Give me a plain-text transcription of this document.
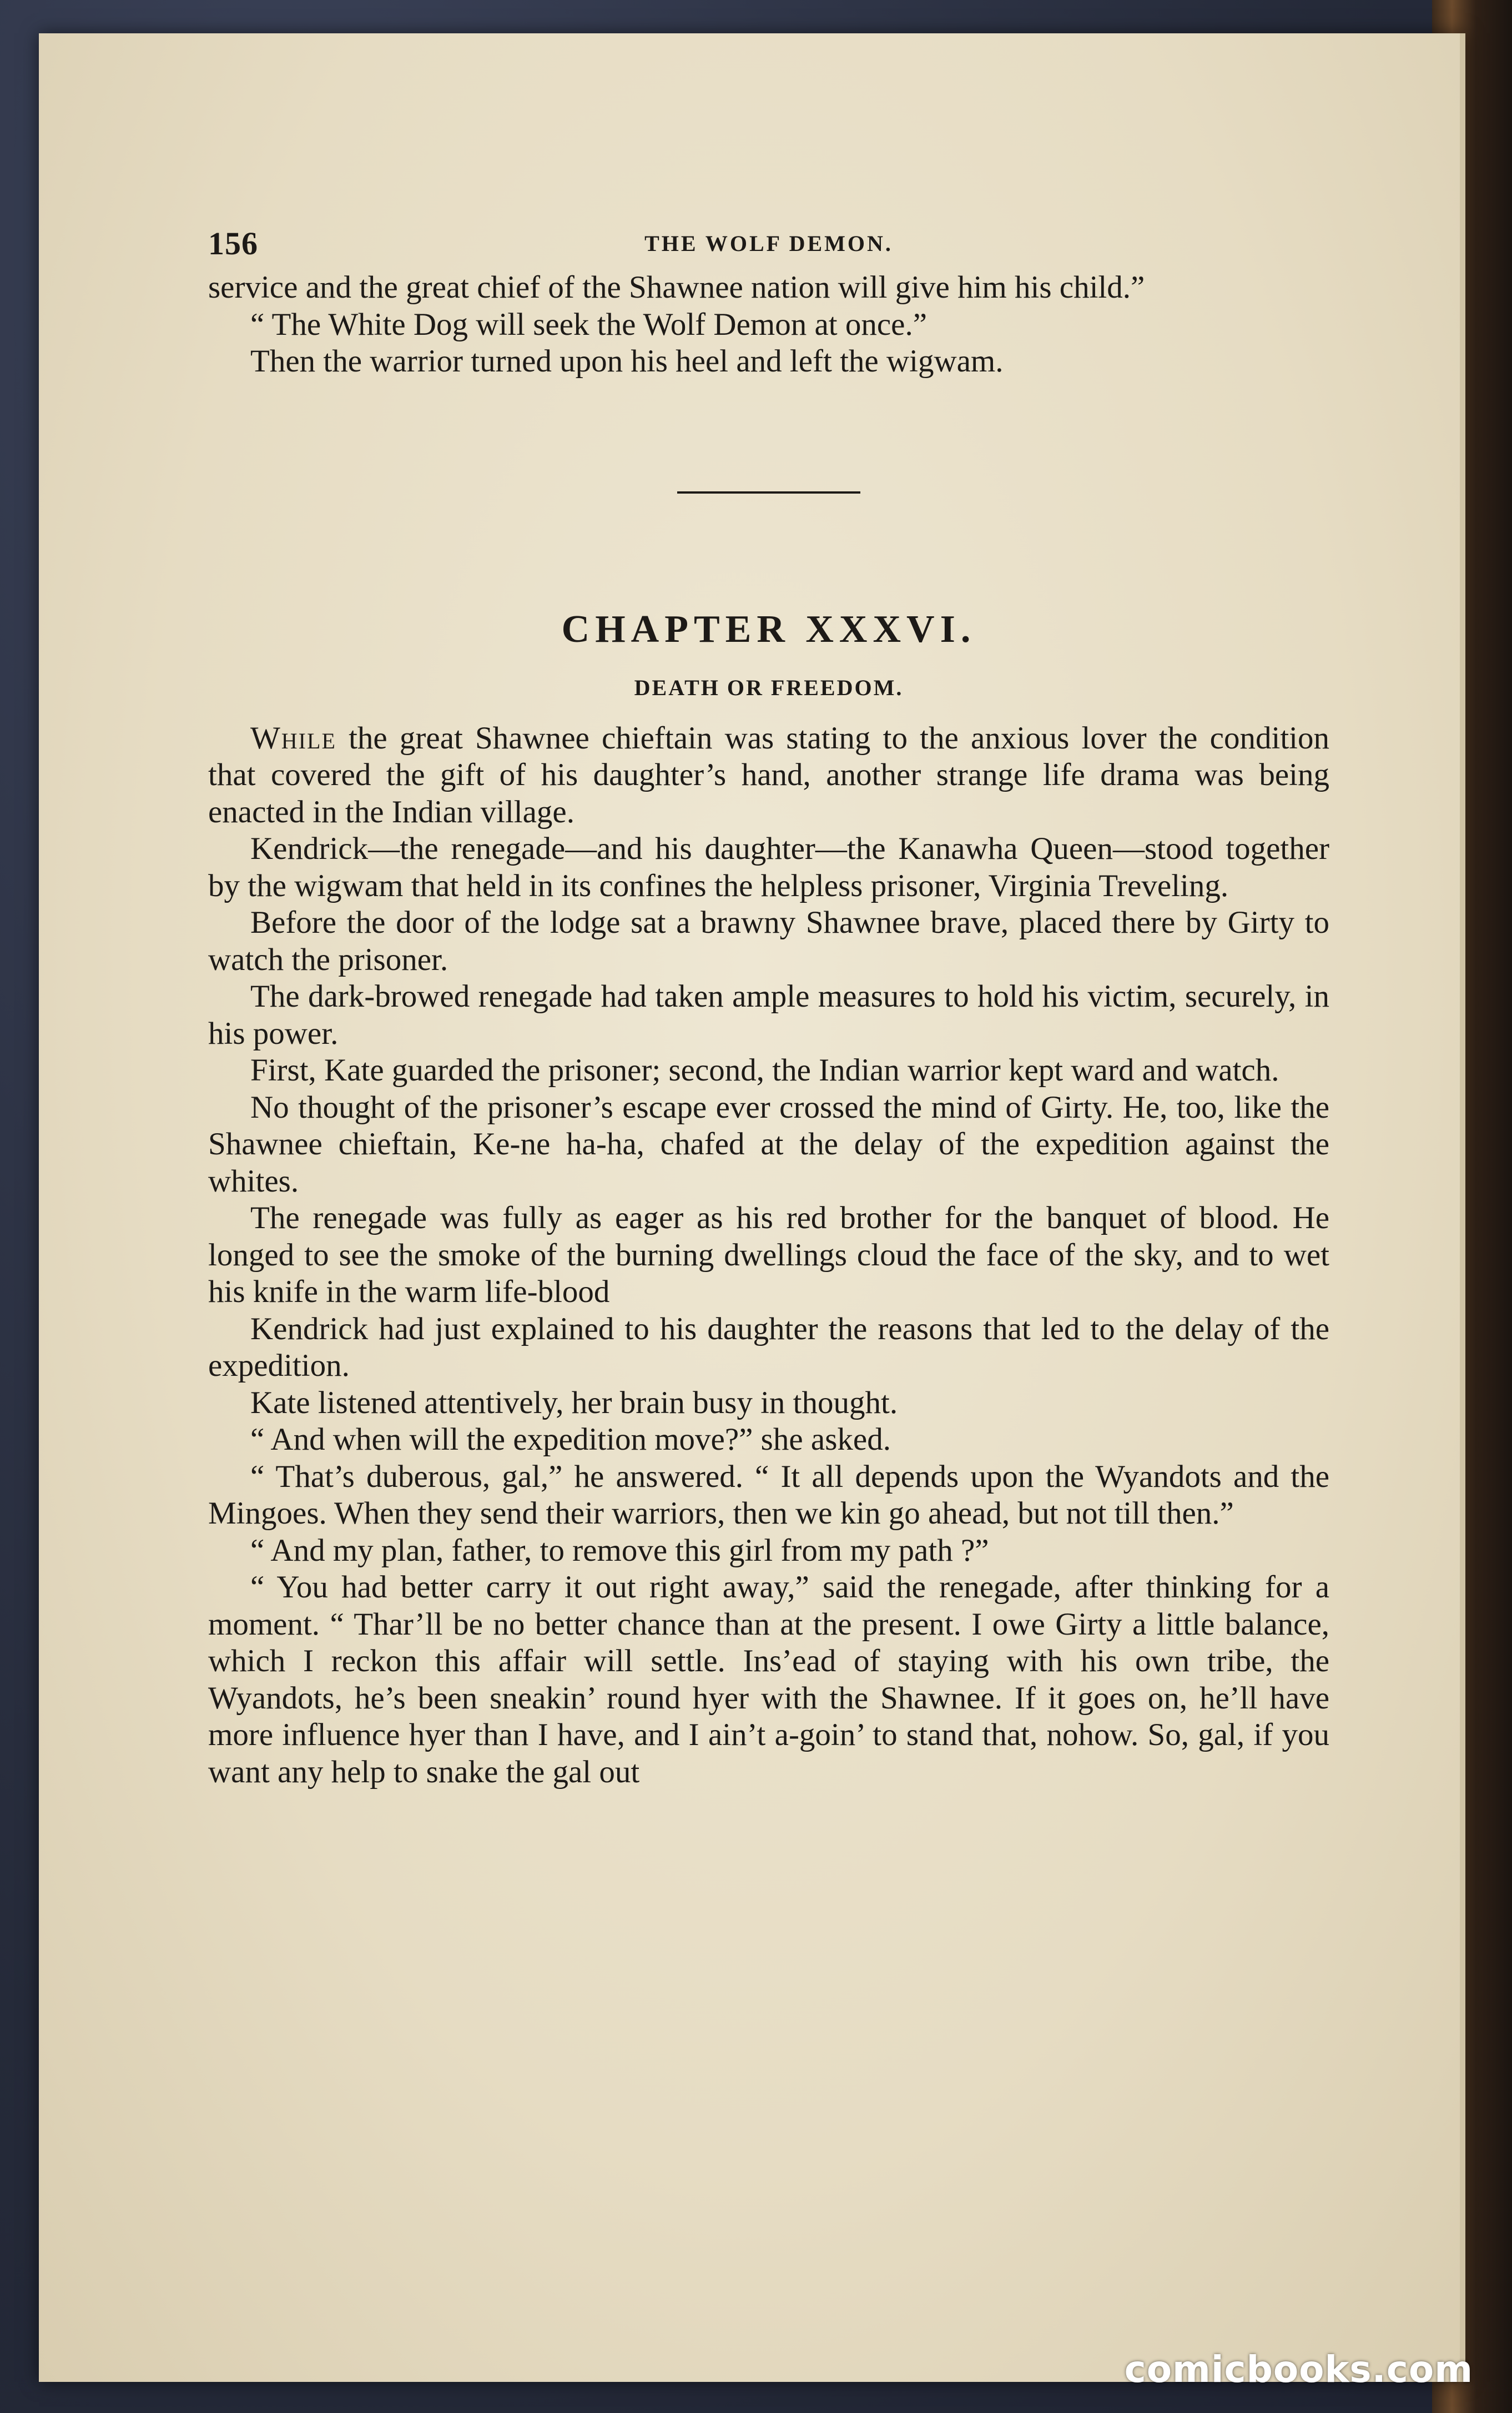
156	THE WOLF DEMON.

service and the great chief of the Shawnee nation will give him his child.”

“ The White Dog will seek the Wolf Demon at once.”

Then the warrior turned upon his heel and left the wigwam.

CHAPTER XXXVI.
DEATH OR FREEDOM.

While the great Shawnee chieftain was stating to the anxious lover the condition that covered the gift of his daughter’s hand, another strange life drama was being enacted in the Indian village.

Kendrick—the renegade—and his daughter—the Kanawha Queen—stood together by the wigwam that held in its confines the helpless prisoner, Virginia Treveling.

Before the door of the lodge sat a brawny Shawnee brave, placed there by Girty to watch the prisoner.

The dark-browed renegade had taken ample measures to hold his victim, securely, in his power.

First, Kate guarded the prisoner; second, the Indian warrior kept ward and watch.

No thought of the prisoner’s escape ever crossed the mind of Girty. He, too, like the Shawnee chieftain, Ke-ne ha-ha, chafed at the delay of the expedition against the whites.

The renegade was fully as eager as his red brother for the banquet of blood. He longed to see the smoke of the burning dwellings cloud the face of the sky, and to wet his knife in the warm life-blood

Kendrick had just explained to his daughter the reasons that led to the delay of the expedition.

Kate listened attentively, her brain busy in thought.

“ And when will the expedition move?” she asked.

“ That’s duberous, gal,” he answered. “ It all depends upon the Wyandots and the Mingoes. When they send their warriors, then we kin go ahead, but not till then.”

“ And my plan, father, to remove this girl from my path ?”

“ You had better carry it out right away,” said the renegade, after thinking for a moment. “ Thar’ll be no better chance than at the present. I owe Girty a little balance, which I reckon this affair will settle. Ins’ead of staying with his own tribe, the Wyandots, he’s been sneakin’ round hyer with the Shawnee. If it goes on, he’ll have more influence hyer than I have, and I ain’t a-goin’ to stand that, nohow. So, gal, if you want any help to snake the gal out

comicbooks.com
